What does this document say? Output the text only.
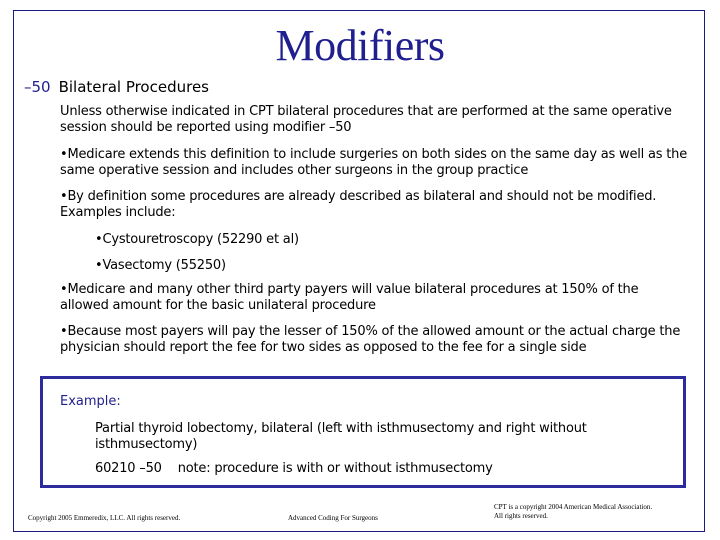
Modifiers
–50 Bilateral Procedures
Unless otherwise indicated in CPT bilateral procedures that are performed at the same operative session should be reported using modifier –50
•Medicare extends this definition to include surgeries on both sides on the same day as well as the same operative session and includes other surgeons in the group practice
•By definition some procedures are already described as bilateral and should not be modified. Examples include:
•Cystouretroscopy (52290 et al)
•Vasectomy (55250)
•Medicare and many other third party payers will value bilateral procedures at 150% of the allowed amount for the basic unilateral procedure
•Because most payers will pay the lesser of 150% of the allowed amount or the actual charge the physician should report the fee for two sides as opposed to the fee for a single side
Example:
Partial thyroid lobectomy, bilateral (left with isthmusectomy and right without isthmusectomy)
60210 –50 note: procedure is with or without isthmusectomy
Copyright 2005 Emmeredix, LLC. All rights reserved.	Advanced Coding For Surgeons
CPT is a copyright 2004 American Medical Association.
All rights reserved.
